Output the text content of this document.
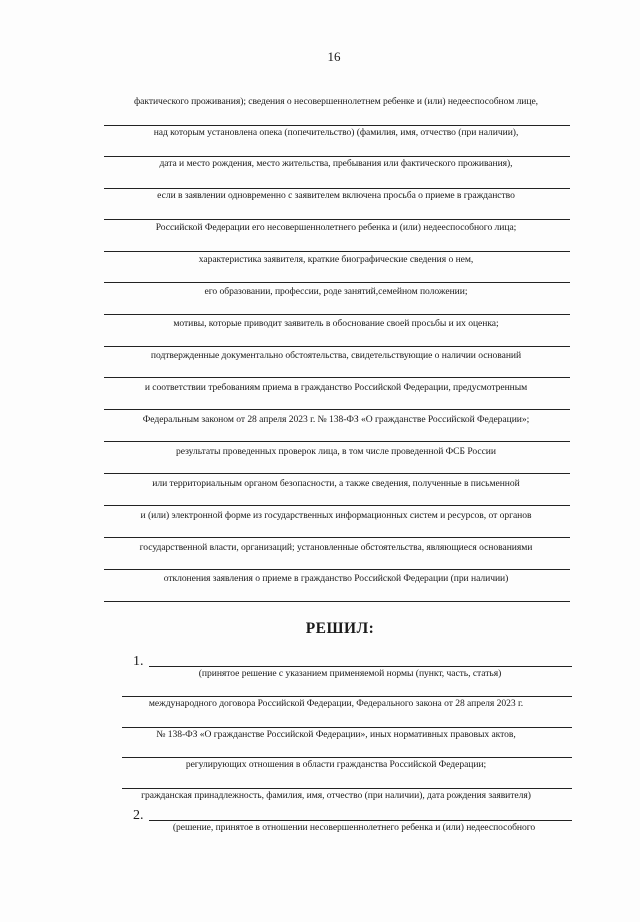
16
фактического проживания); сведения о несовершеннолетнем ребенке и (или) недееспособном лице,
над которым установлена опека (попечительство) (фамилия, имя, отчество (при наличии),
дата и место рождения, место жительства, пребывания или фактического проживания),
если в заявлении одновременно с заявителем включена просьба о приеме в гражданство
Российской Федерации его несовершеннолетнего ребенка и (или) недееспособного лица;
характеристика заявителя, краткие биографические сведения о нем,
его образовании, профессии, роде занятий,семейном положении;
мотивы, которые приводит заявитель в обоснование своей просьбы и их оценка;
подтвержденные документально обстоятельства, свидетельствующие о наличии оснований
и соответствии требованиям приема в гражданство Российской Федерации, предусмотренным
Федеральным законом от 28 апреля 2023 г. № 138-ФЗ «О гражданстве Российской Федерации»;
результаты проведенных проверок лица, в том числе проведенной ФСБ России
или территориальным органом безопасности, а также сведения, полученные в письменной
и (или) электронной форме из государственных информационных систем и ресурсов, от органов
государственной власти, организаций; установленные обстоятельства, являющиеся основаниями
отклонения заявления о приеме в гражданство Российской Федерации (при наличии)
РЕШИЛ:
1.
(принятое решение с указанием применяемой нормы (пункт, часть, статья)
международного договора Российской Федерации, Федерального закона от 28 апреля 2023 г.
№ 138-ФЗ «О гражданстве Российской Федерации», иных нормативных правовых актов,
регулирующих отношения в области гражданства Российской Федерации;
гражданская принадлежность, фамилия, имя, отчество (при наличии), дата рождения заявителя)
2.
(решение, принятое в отношении несовершеннолетнего ребенка и (или) недееспособного
